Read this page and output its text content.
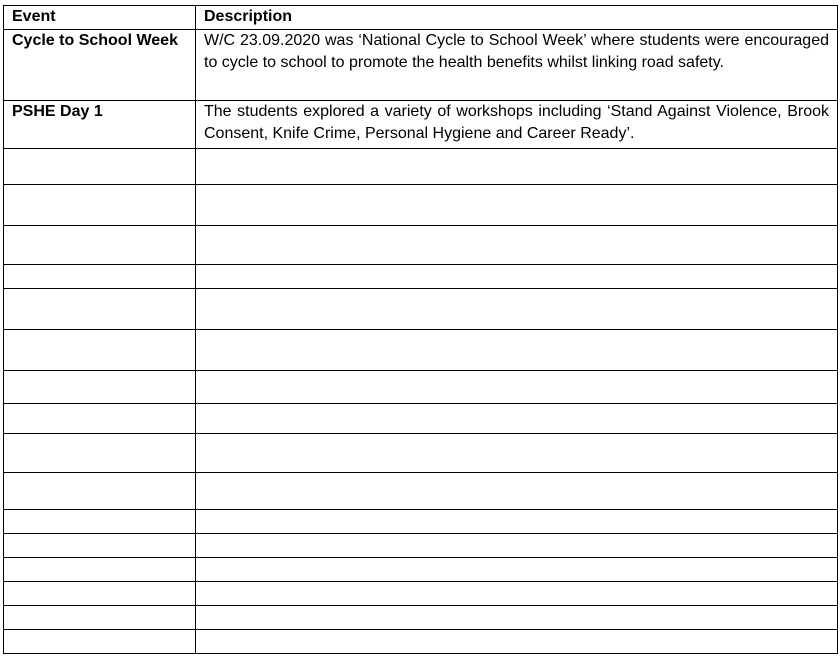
Event	Description
Cycle to School Week	W/C 23.09.2020 was ‘National Cycle to School Week’ where students were encouraged to cycle to school to promote the health benefits whilst linking road safety.
PSHE Day 1	The students explored a variety of workshops including ‘Stand Against Violence, Brook Consent, Knife Crime, Personal Hygiene and Career Ready’.
